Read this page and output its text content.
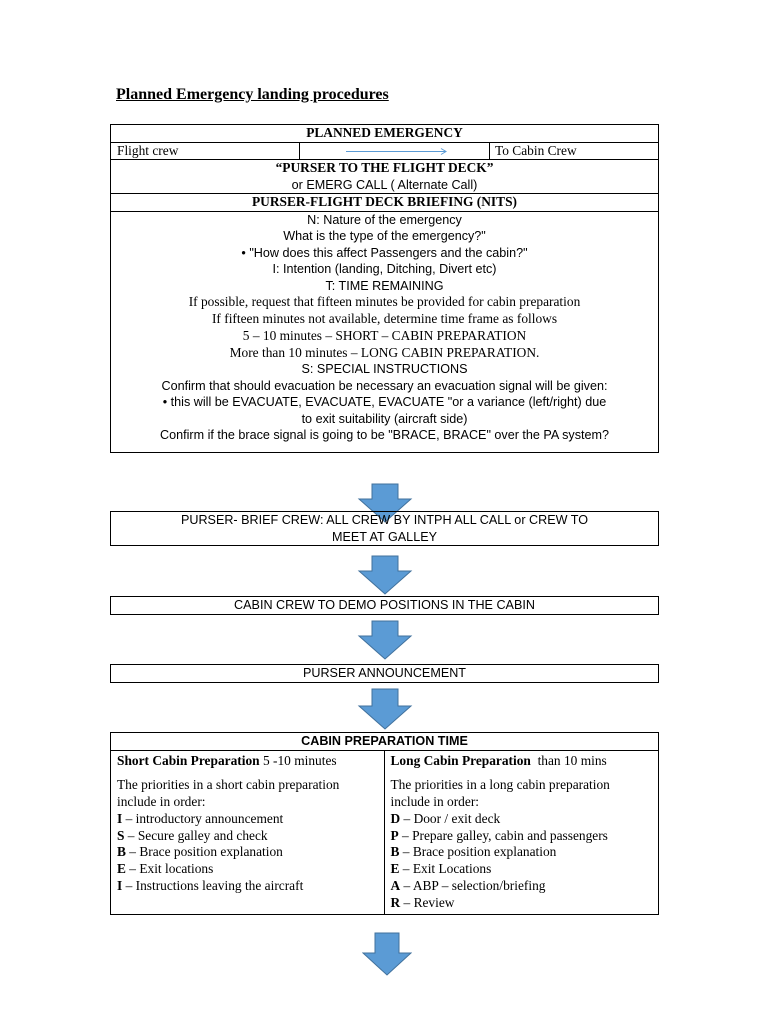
Planned Emergency landing procedures
PLANNED EMERGENCY
Flight crew	To Cabin Crew
“PURSER TO THE FLIGHT DECK”
or EMERG CALL ( Alternate Call)
PURSER-FLIGHT DECK BRIEFING (NITS)
N: Nature of the emergency
What is the type of the emergency?"
• "How does this affect Passengers and the cabin?"
I: Intention (landing, Ditching, Divert etc)
T: TIME REMAINING
If possible, request that fifteen minutes be provided for cabin preparation
If fifteen minutes not available, determine time frame as follows
5 – 10 minutes – SHORT – CABIN PREPARATION
More than 10 minutes – LONG CABIN PREPARATION.
S: SPECIAL INSTRUCTIONS
Confirm that should evacuation be necessary an evacuation signal will be given:
• this will be EVACUATE, EVACUATE, EVACUATE "or a variance (left/right) due
to exit suitability (aircraft side)
Confirm if the brace signal is going to be "BRACE, BRACE" over the PA system?
PURSER- BRIEF CREW: ALL CREW BY INTPH ALL CALL or CREW TO
MEET AT GALLEY
CABIN CREW TO DEMO POSITIONS IN THE CABIN
PURSER ANNOUNCEMENT
CABIN PREPARATION TIME
Short Cabin Preparation 5 -10 minutes
The priorities in a short cabin preparation
include in order:
I – introductory announcement
S – Secure galley and check
B – Brace position explanation
E – Exit locations
I – Instructions leaving the aircraft
Long Cabin Preparation  than 10 mins
The priorities in a long cabin preparation
include in order:
D – Door / exit deck
P – Prepare galley, cabin and passengers
B – Brace position explanation
E – Exit Locations
A – ABP – selection/briefing
R – Review
